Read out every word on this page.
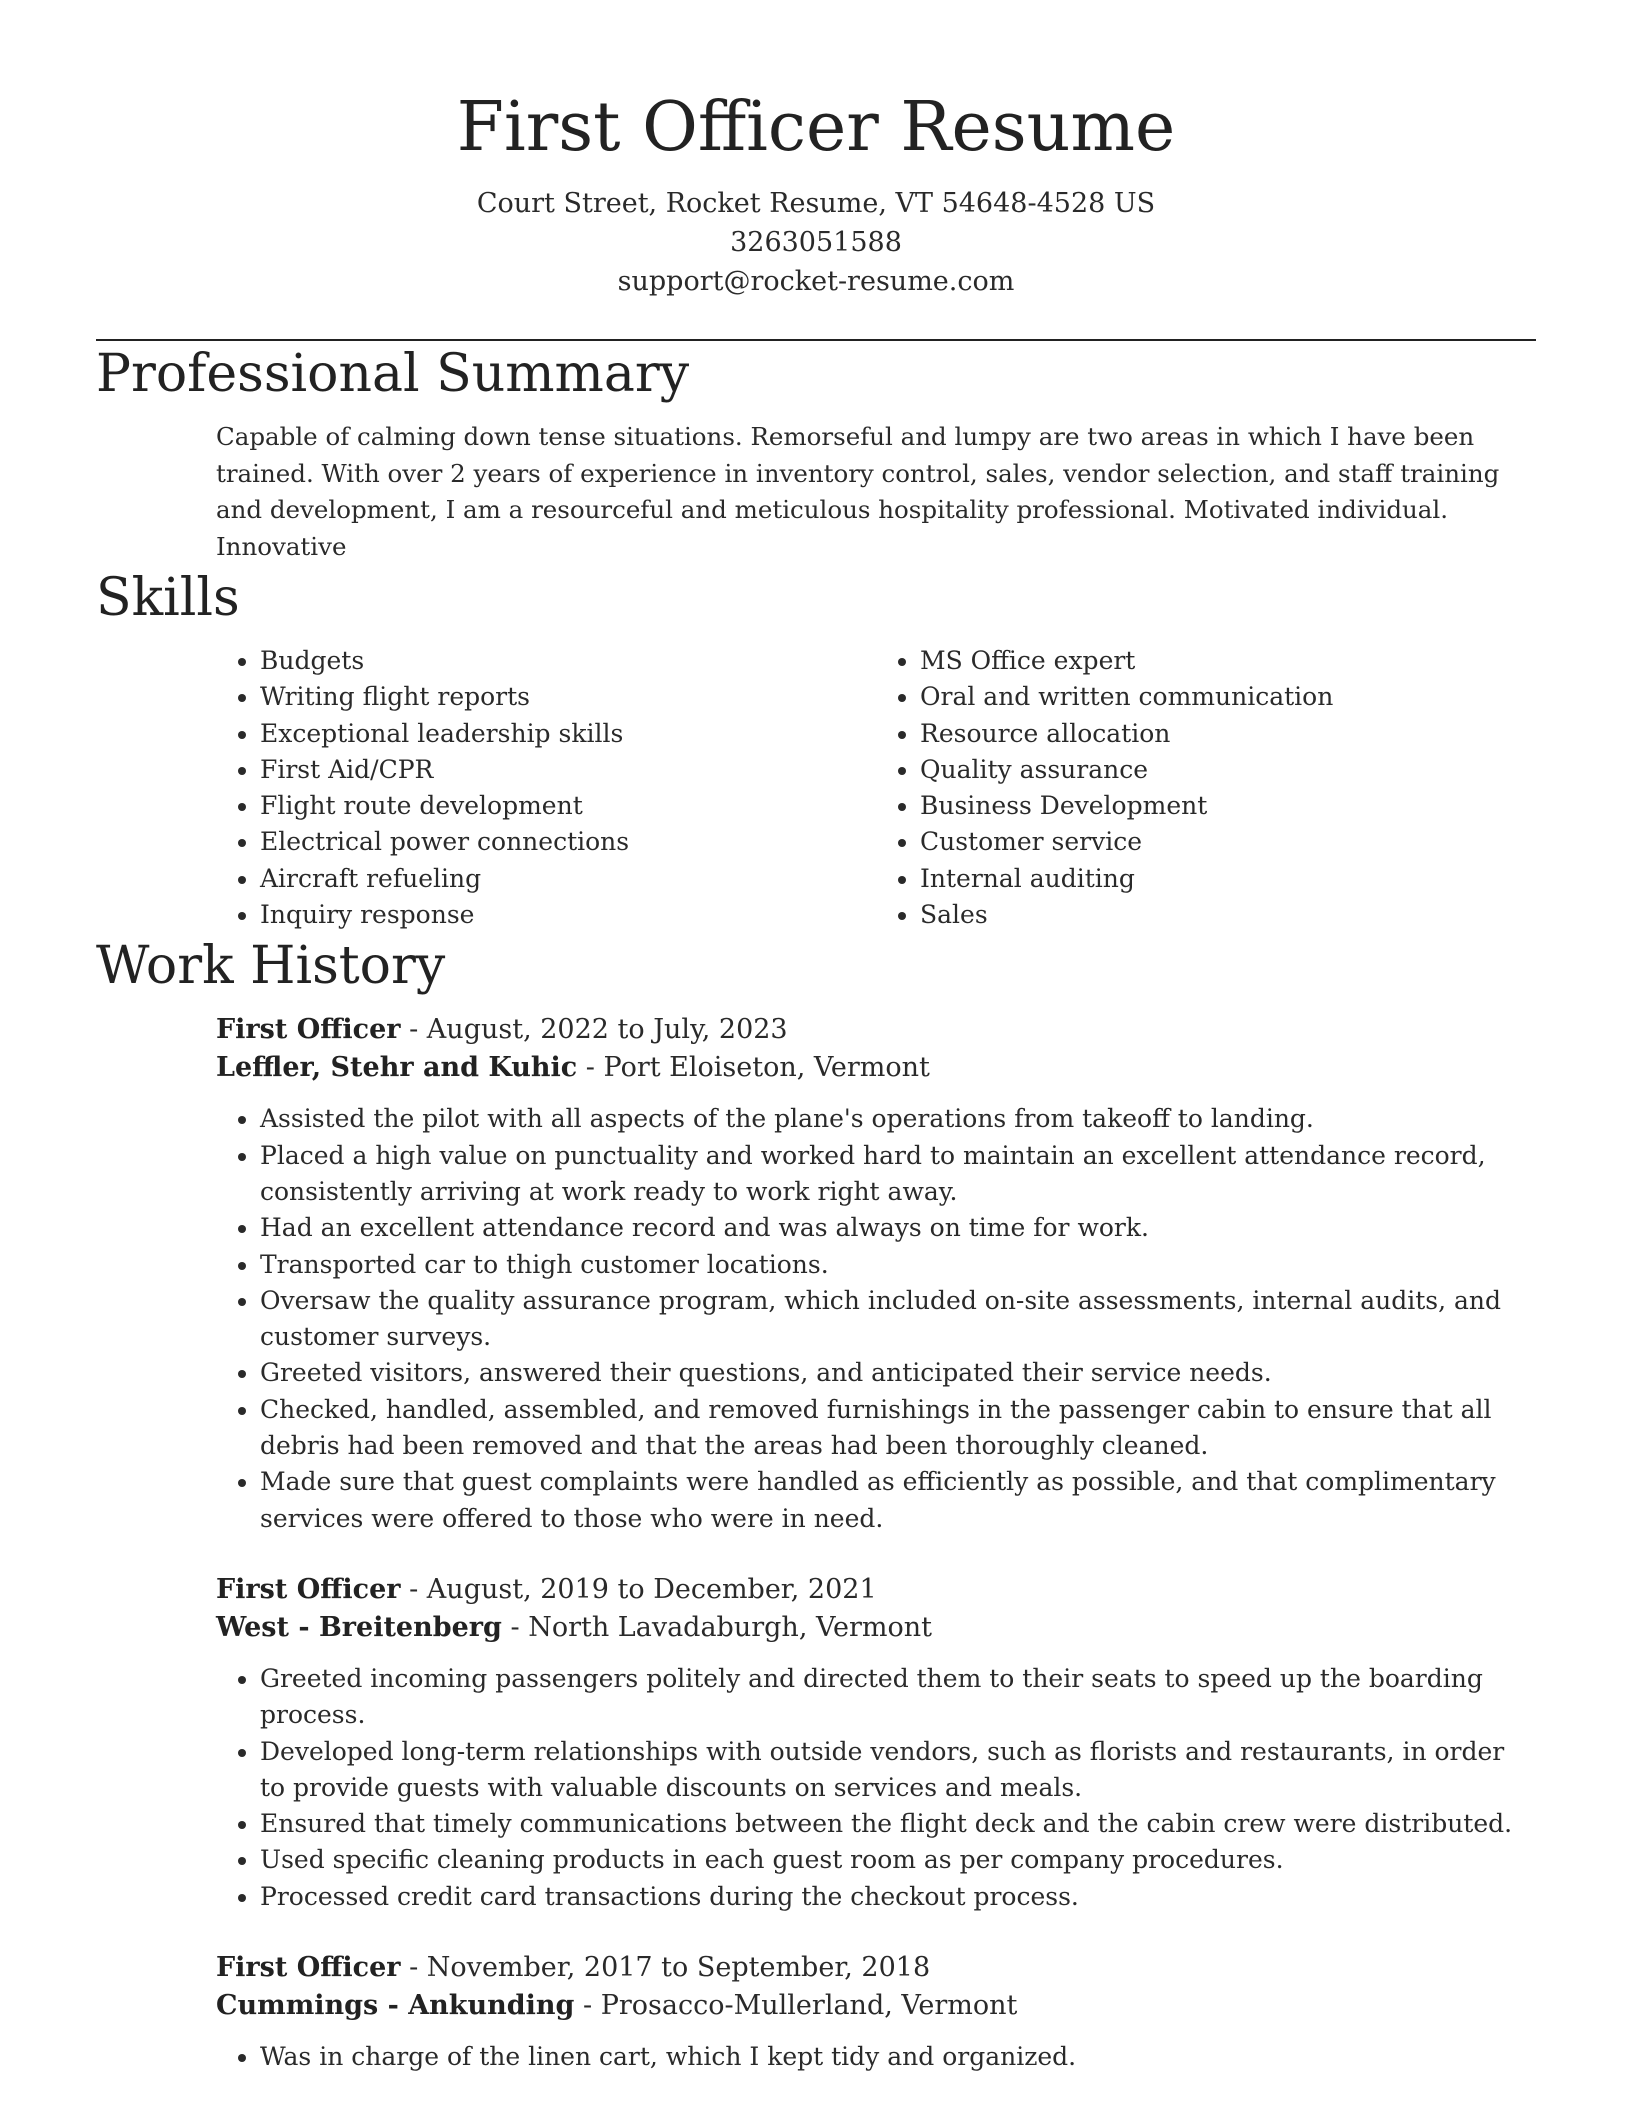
First Officer Resume
Court Street, Rocket Resume, VT 54648-4528 US
3263051588
support@rocket-resume.com
Professional Summary
Capable of calming down tense situations. Remorseful and lumpy are two areas in which I have been trained. With over 2 years of experience in inventory control, sales, vendor selection, and staff training and development, I am a resourceful and meticulous hospitality professional. Motivated individual. Innovative
Skills
• Budgets
• Writing flight reports
• Exceptional leadership skills
• First Aid/CPR
• Flight route development
• Electrical power connections
• Aircraft refueling
• Inquiry response
• MS Office expert
• Oral and written communication
• Resource allocation
• Quality assurance
• Business Development
• Customer service
• Internal auditing
• Sales
Work History
First Officer - August, 2022 to July, 2023
Leffler, Stehr and Kuhic - Port Eloiseton, Vermont
• Assisted the pilot with all aspects of the plane's operations from takeoff to landing.
• Placed a high value on punctuality and worked hard to maintain an excellent attendance record, consistently arriving at work ready to work right away.
• Had an excellent attendance record and was always on time for work.
• Transported car to thigh customer locations.
• Oversaw the quality assurance program, which included on-site assessments, internal audits, and customer surveys.
• Greeted visitors, answered their questions, and anticipated their service needs.
• Checked, handled, assembled, and removed furnishings in the passenger cabin to ensure that all debris had been removed and that the areas had been thoroughly cleaned.
• Made sure that guest complaints were handled as efficiently as possible, and that complimentary services were offered to those who were in need.
First Officer - August, 2019 to December, 2021
West - Breitenberg - North Lavadaburgh, Vermont
• Greeted incoming passengers politely and directed them to their seats to speed up the boarding process.
• Developed long-term relationships with outside vendors, such as florists and restaurants, in order to provide guests with valuable discounts on services and meals.
• Ensured that timely communications between the flight deck and the cabin crew were distributed.
• Used specific cleaning products in each guest room as per company procedures.
• Processed credit card transactions during the checkout process.
First Officer - November, 2017 to September, 2018
Cummings - Ankunding - Prosacco-Mullerland, Vermont
• Was in charge of the linen cart, which I kept tidy and organized.
